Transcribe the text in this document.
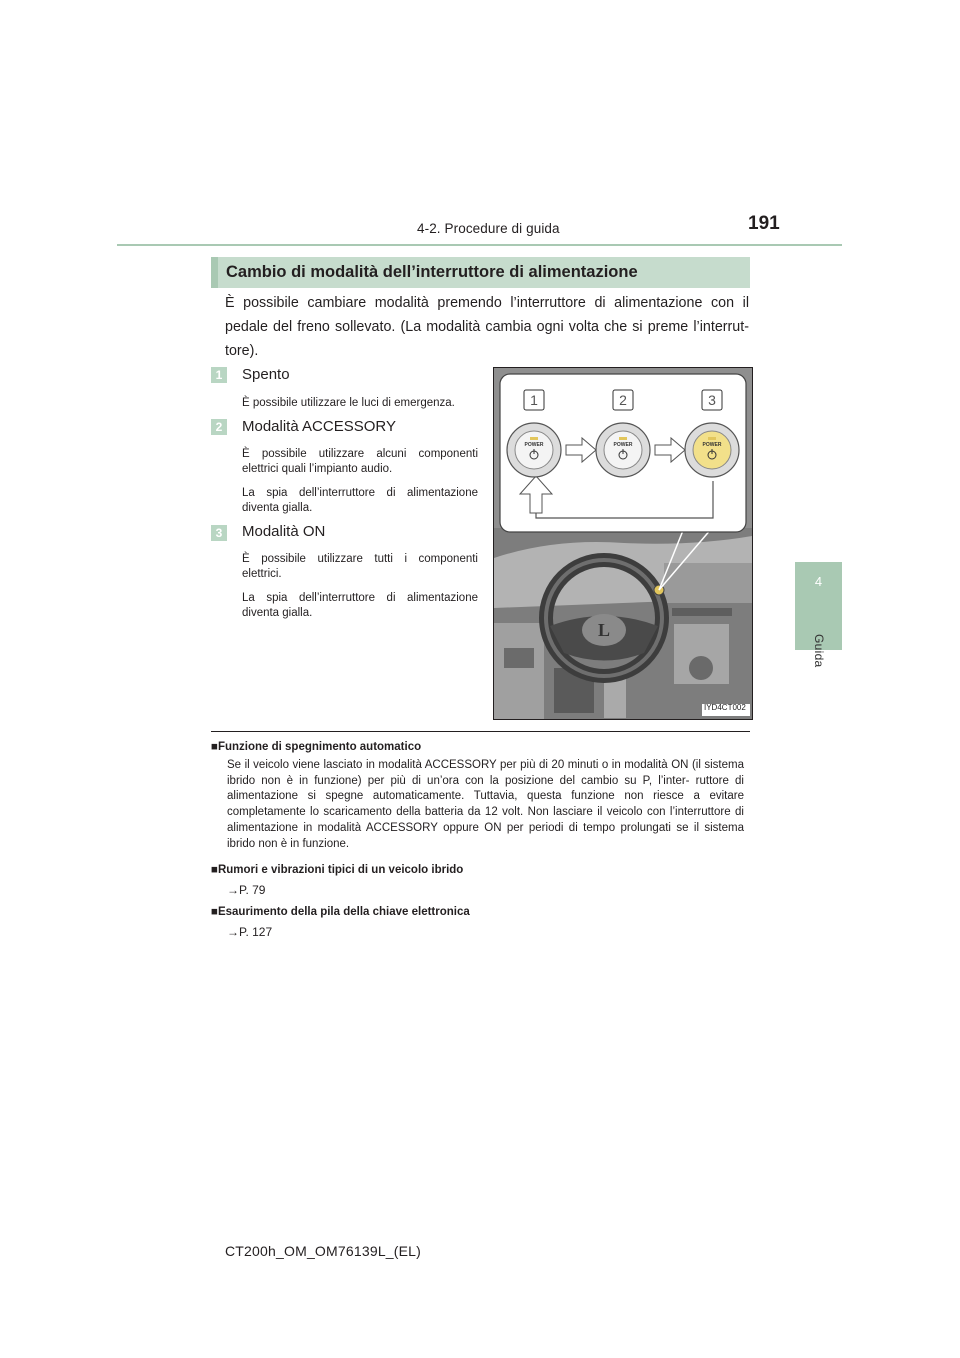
4-2. Procedure di guida	191
4
Guida
Cambio di modalità dell’interruttore di alimentazione
È possibile cambiare modalità premendo l’interruttore di alimentazione con il pedale del freno sollevato. (La modalità cambia ogni volta che si preme l’interrut- tore).
1	Spento
È possibile utilizzare le luci di emergenza.
2	Modalità ACCESSORY
È possibile utilizzare alcuni componenti elettrici quali l’impianto audio.
La spia dell’interruttore di alimentazione diventa gialla.
3	Modalità ON
È possibile utilizzare tutti i componenti elettrici.
La spia dell’interruttore di alimentazione diventa gialla.
L
1	2	3
POWER	POWER	POWER
IYD4CT002
■Funzione di spegnimento automatico
Se il veicolo viene lasciato in modalità ACCESSORY per più di 20 minuti o in modalità ON (il sistema ibrido non è in funzione) per più di un’ora con la posizione del cambio su P, l’inter- ruttore di alimentazione si spegne automaticamente. Tuttavia, questa funzione non riesce a evitare completamente lo scaricamento della batteria da 12 volt. Non lasciare il veicolo con l’interruttore di alimentazione in modalità ACCESSORY oppure ON per periodi di tempo prolungati se il sistema ibrido non è in funzione.
■Rumori e vibrazioni tipici di un veicolo ibrido
→P. 79
■Esaurimento della pila della chiave elettronica
→P. 127
CT200h_OM_OM76139L_(EL)
